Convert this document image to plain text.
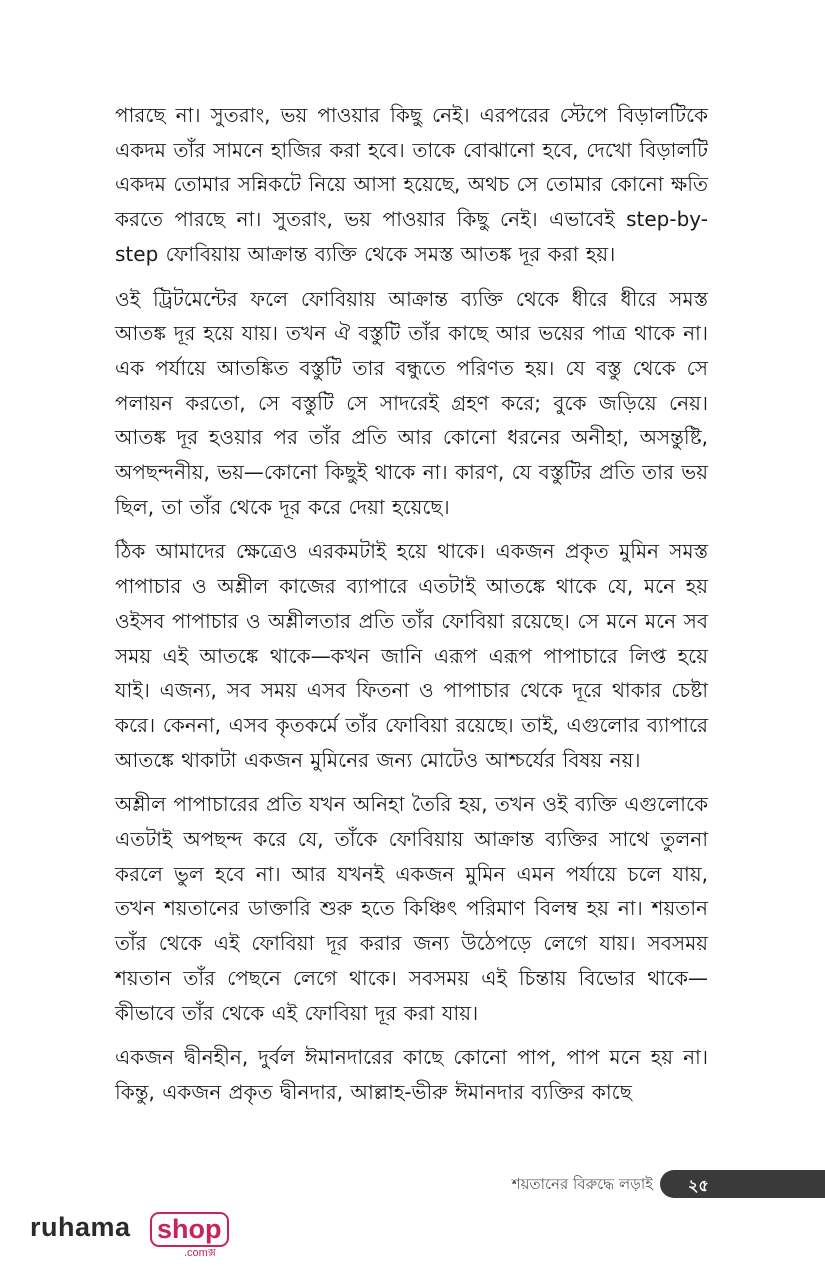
পারছে না। সুতরাং, ভয় পাওয়ার কিছু নেই। এরপরের স্টেপে বিড়ালটিকে একদম তাঁর সামনে হাজির করা হবে। তাকে বোঝানো হবে, দেখো বিড়ালটি একদম তোমার সন্নিকটে নিয়ে আসা হয়েছে, অথচ সে তোমার কোনো ক্ষতি করতে পারছে না। সুতরাং, ভয় পাওয়ার কিছু নেই। এভাবেই step-by-step ফোবিয়ায় আক্রান্ত ব্যক্তি থেকে সমস্ত আতঙ্ক দূর করা হয়।

ওই ট্রিটমেন্টের ফলে ফোবিয়ায় আক্রান্ত ব্যক্তি থেকে ধীরে ধীরে সমস্ত আতঙ্ক দূর হয়ে যায়। তখন ঐ বস্তুটি তাঁর কাছে আর ভয়ের পাত্র থাকে না। এক পর্যায়ে আতঙ্কিত বস্তুটি তার বন্ধুতে পরিণত হয়। যে বস্তু থেকে সে পলায়ন করতো, সে বস্তুটি সে সাদরেই গ্রহণ করে; বুকে জড়িয়ে নেয়। আতঙ্ক দূর হওয়ার পর তাঁর প্রতি আর কোনো ধরনের অনীহা, অসন্তুষ্টি, অপছন্দনীয়, ভয়—কোনো কিছুই থাকে না। কারণ, যে বস্তুটির প্রতি তার ভয় ছিল, তা তাঁর থেকে দূর করে দেয়া হয়েছে।

ঠিক আমাদের ক্ষেত্রেও এরকমটাই হয়ে থাকে। একজন প্রকৃত মুমিন সমস্ত পাপাচার ও অশ্লীল কাজের ব্যাপারে এতটাই আতঙ্কে থাকে যে, মনে হয় ওইসব পাপাচার ও অশ্লীলতার প্রতি তাঁর ফোবিয়া রয়েছে। সে মনে মনে সব সময় এই আতঙ্কে থাকে—কখন জানি এরূপ এরূপ পাপাচারে লিপ্ত হয়ে যাই। এজন্য, সব সময় এসব ফিতনা ও পাপাচার থেকে দূরে থাকার চেষ্টা করে। কেননা, এসব কৃতকর্মে তাঁর ফোবিয়া রয়েছে। তাই, এগুলোর ব্যাপারে আতঙ্কে থাকাটা একজন মুমিনের জন্য মোটেও আশ্চর্যের বিষয় নয়।

অশ্লীল পাপাচারের প্রতি যখন অনিহা তৈরি হয়, তখন ওই ব্যক্তি এগুলোকে এতটাই অপছন্দ করে যে, তাঁকে ফোবিয়ায় আক্রান্ত ব্যক্তির সাথে তুলনা করলে ভুল হবে না। আর যখনই একজন মুমিন এমন পর্যায়ে চলে যায়, তখন শয়তানের ডাক্তারি শুরু হতে কিঞ্চিৎ পরিমাণ বিলম্ব হয় না। শয়তান তাঁর থেকে এই ফোবিয়া দূর করার জন্য উঠেপড়ে লেগে যায়। সবসময় শয়তান তাঁর পেছনে লেগে থাকে। সবসময় এই চিন্তায় বিভোর থাকে—কীভাবে তাঁর থেকে এই ফোবিয়া দূর করা যায়।

একজন দ্বীনহীন, দুর্বল ঈমানদারের কাছে কোনো পাপ, পাপ মনে হয় না। কিন্তু, একজন প্রকৃত দ্বীনদার, আল্লাহ-ভীরু ঈমানদার ব্যক্তির কাছে

শয়তানের বিরুদ্ধে লড়াই ২৫
ruhama shop
.comক্স
